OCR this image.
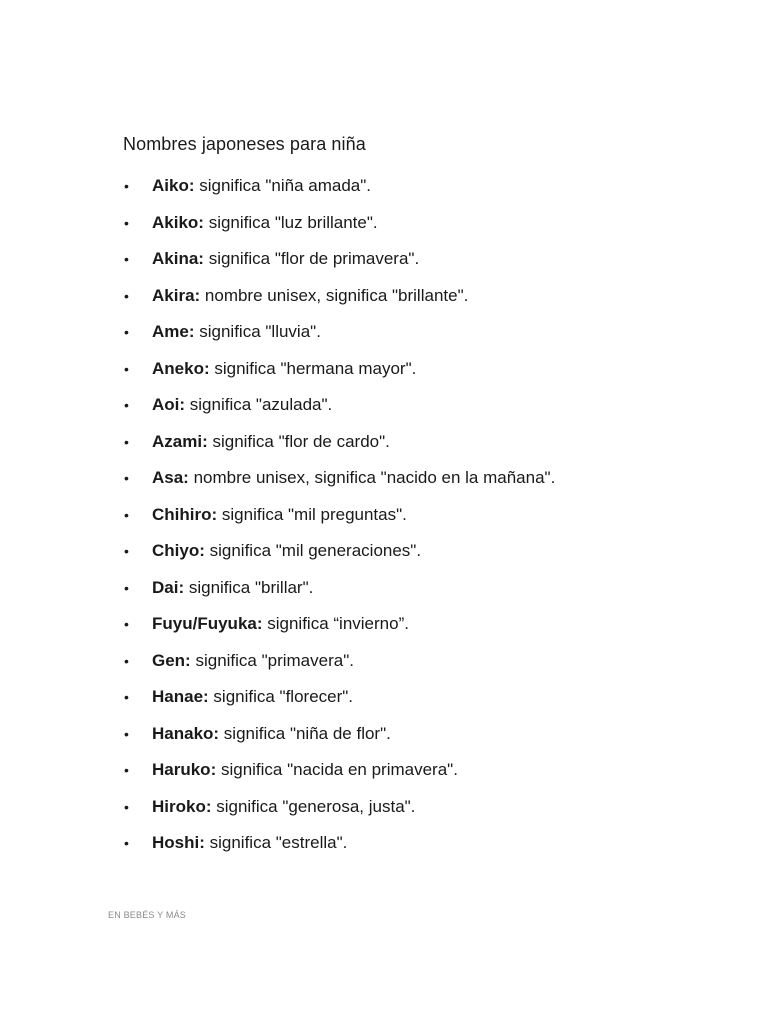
Nombres japoneses para niña
• Aiko: significa "niña amada".
• Akiko: significa "luz brillante".
• Akina: significa "flor de primavera".
• Akira: nombre unisex, significa "brillante".
• Ame: significa "lluvia".
• Aneko: significa "hermana mayor".
• Aoi: significa "azulada".
• Azami: significa "flor de cardo".
• Asa: nombre unisex, significa "nacido en la mañana".
• Chihiro: significa "mil preguntas".
• Chiyo: significa "mil generaciones".
• Dai: significa "brillar".
• Fuyu/Fuyuka: significa “invierno”.
• Gen: significa "primavera".
• Hanae: significa "florecer".
• Hanako: significa "niña de flor".
• Haruko: significa "nacida en primavera".
• Hiroko: significa "generosa, justa".
• Hoshi: significa "estrella".
EN BEBÉS Y MÁS
